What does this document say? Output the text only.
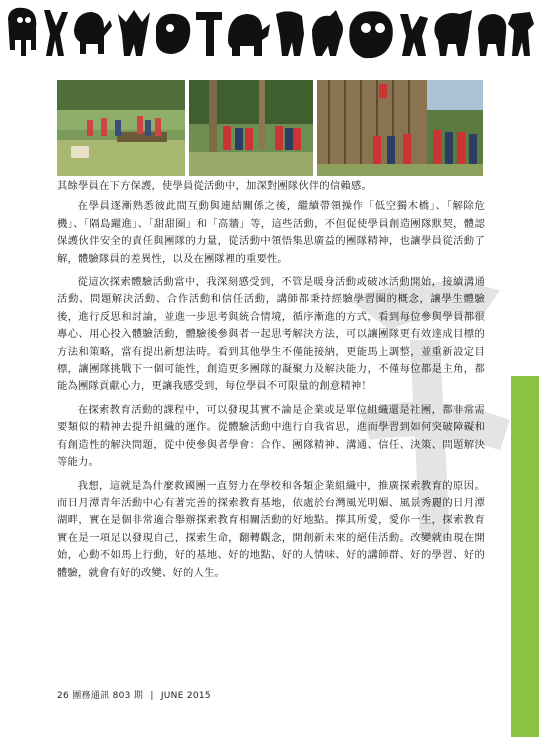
其餘學員在下方保護，使學員從活動中，加深對團隊伙伴的信賴感。

在學員逐漸熟悉彼此間互動與連結關係之後，繼續帶領操作「低空獨木橋」、「解除危機」、「隔島躍進」、「甜甜圈」和「高牆」等，這些活動，不但促使學員創造團隊默契，體認保護伙伴安全的責任與團隊的力量，從活動中領悟集思廣益的團隊精神，也讓學員從活動了解，體驗隊員的差異性，以及在團隊裡的重要性。

從這次探索體驗活動當中，我深刻感受到，不管是暖身活動或破冰活動開始，接續溝通活動、問題解決活動、合作活動和信任活動，講師都秉持經驗學習圈的概念，讓學生體驗後，進行反思和討論，並進一步思考與統合情境，循序漸進的方式，看到每位參與學員都很專心、用心投入體驗活動，體驗後參與者一起思考解決方法，可以讓團隊更有效達成目標的方法和策略，當有提出新想法時。看到其他學生不僅能接納，更能馬上調整，並重新設定目標，讓團隊挑戰下一個可能性，創造更多團隊的凝聚力及解決能力，不僅每位都是主角，都能為團隊貢獻心力，更讓我感受到，每位學員不可限量的創意精神！

在探索教育活動的課程中，可以發現其實不論是企業或是單位組織還是社團，都非常需要類似的精神去提升組織的運作。從體驗活動中進行自我省思，進而學習到如何突破障礙和有創造性的解決問題，從中使參與者學會：合作、團隊精神、溝通、信任、決策、問題解決等能力。

我想，這就是為什麼救國團一直努力在學校和各類企業組織中，推廣探索教育的原因。而日月潭青年活動中心有著完善的探索教育基地，依處於台灣風光明媚、風景秀麗的日月潭湖畔，實在是個非常適合舉辦探索教育相關活動的好地點。擇其所愛，愛你一生，探索教育實在是一項足以發現自己，探索生命，翻轉觀念，開創新未來的絕佳活動。改變就由現在開始，心動不如馬上行動，好的基地、好的地點、好的人情味、好的講師群、好的學習、好的體驗，就會有好的改變、好的人生。

26 團務通訊 803 期 | JUNE 2015
